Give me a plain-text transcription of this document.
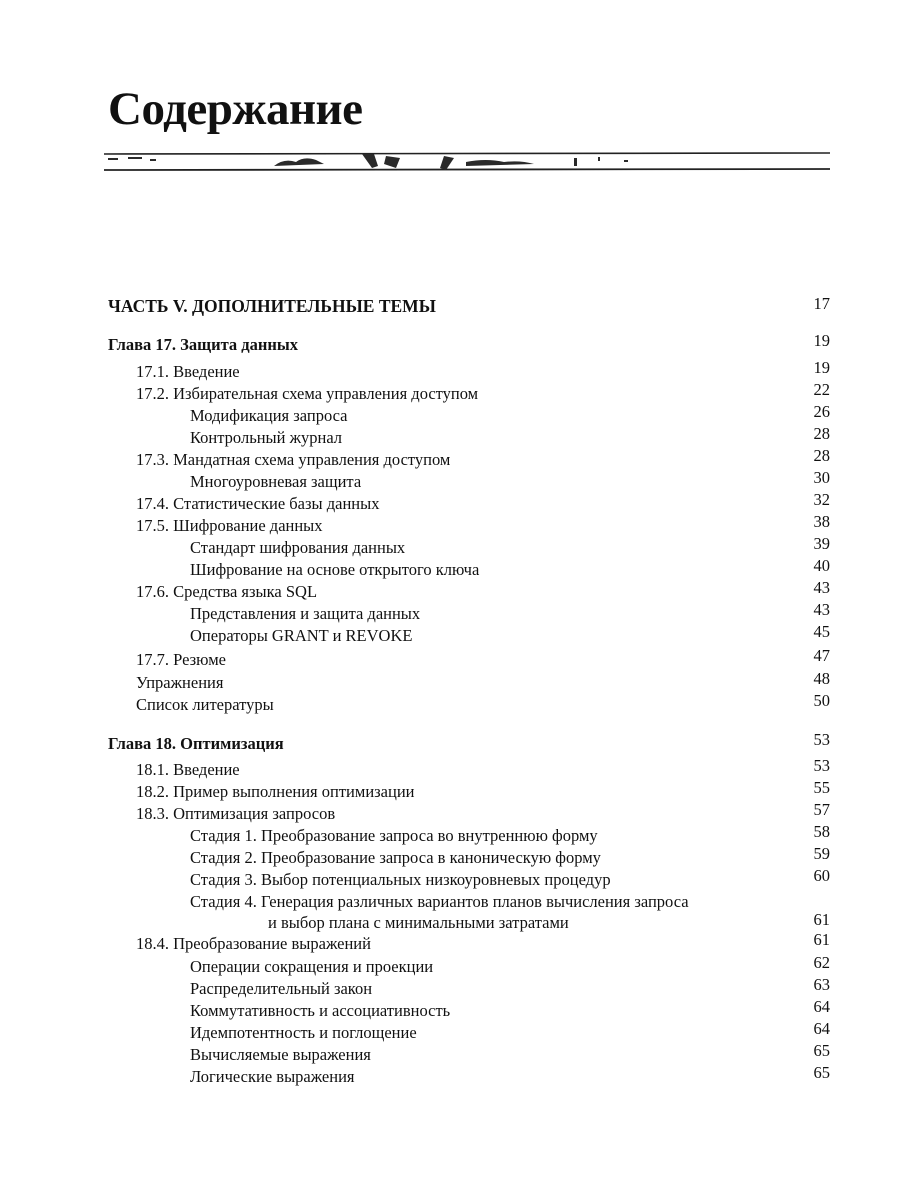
Содержание
ЧАСТЬ V. ДОПОЛНИТЕЛЬНЫЕ ТЕМЫ	17
Глава 17. Защита данных	19
17.1. Введение	19
17.2. Избирательная схема управления доступом	22
Модификация запроса	26
Контрольный журнал	28
17.3. Мандатная схема управления доступом	28
Многоуровневая защита	30
17.4. Статистические базы данных	32
17.5. Шифрование данных	38
Стандарт шифрования данных	39
Шифрование на основе открытого ключа	40
17.6. Средства языка SQL	43
Представления и защита данных	43
Операторы GRANT и REVOKE	45
17.7. Резюме	47
Упражнения	48
Список литературы	50
Глава 18. Оптимизация	53
18.1. Введение	53
18.2. Пример выполнения оптимизации	55
18.3. Оптимизация запросов	57
Стадия 1. Преобразование запроса во внутреннюю форму	58
Стадия 2. Преобразование запроса в каноническую форму	59
Стадия 3. Выбор потенциальных низкоуровневых процедур	60
Стадия 4. Генерация различных вариантов планов вычисления запроса
и выбор плана с минимальными затратами	61
18.4. Преобразование выражений	61
Операции сокращения и проекции	62
Распределительный закон	63
Коммутативность и ассоциативность	64
Идемпотентность и поглощение	64
Вычисляемые выражения	65
Логические выражения	65
